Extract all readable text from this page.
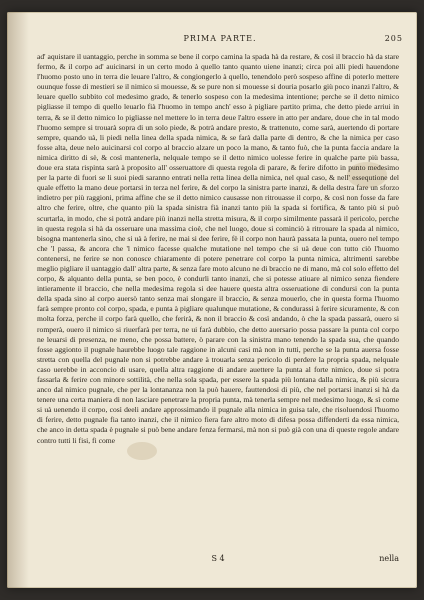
PRIMA PARTE.	205

ad' aquistare il uantaggio, perche in somma se bene il corpo camina la spada hà da restare, & così il braccio hà da stare fermo, & il corpo ad' auicinarsi in un certo modo à quello tanto quanto uiene inanzi; circa poi alli piedi hauendone l'huomo posto uno in terra die leuare l'altro, & congiongerlo à quello, tenendolo però sospeso affine di poterlo mettere ouunque fosse di mestieri se il nimico si mouesse, & se pure non si mouesse si douria posarlo giù poco inanzi l'altro, & leuare quello subbito col medesimo grado, & tenerlo sospeso con la medesima intentione; perche se il detto nimico pigliasse il tempo di quello leuarlo fià l'huomo in tempo anch' esso à pigliare partito prima, che detto piede arriui in terra, & se il detto nimico lo pigliasse nel mettere lo in terra deue l'altro essere in atto per andare, doue che in tal modo l'huomo sempre si trouarà sopra di un solo piede, & potrà andare presto, & trattenuto, come sarà, auertendo di portare sempre, quando uà, li piedi nella linea della spada nimica, & se farà dalla parte di dentro, & che la nimica per caso fosse alta, deue nelo auicinarsi col corpo al braccio alzare un poco la mano, & tanto fuò, che la punta faccia andare la nimica diritto di sè, & così mantenerla, nelquale tempo se il detto nimico uolesse ferire in qualche parte più bassa, doue era stata rispinta sarà à proposito all' osseruattore di questa regola di parare, & ferire difotto in punto medesimo per la parte di fuori se li suoi piedi saranno entrati nella retta linea della nimica, nel qual caso, & nell' essequtione del quale effetto la mano deue portarsi in terza nel ferire, & del corpo la sinistra parte inanzi, & della destra fare un sforzo indietro per più raggioni, prima affine che se il detto nimico causasse non ritrouasse il corpo, & così non fosse da fare altro che ferire, oltre, che quanto più la spada sinistra fià inanzi tanto più la spada si fortifica, & tanto più si può scurtarla, in modo, che si potrà andare più inanzi nella stretta misura, & il corpo similmente passarà il pericolo, perche in questa regola si hà da osseruare una massima cioè, che nel luogo, doue si cominciò à ritrouare la spada al nimico, bisogna mantenerla sino, che si uà à ferire, ne mai si dee ferire, fè il corpo non haurà passata la punta, ouero nel tempo che 'l passa, & ancora che 'l nimico facesse qualche mutatione nel tempo che si uà deue con tutto ciò l'huomo contenersi, ne ferire se non conosce chiaramente di potere penetrare col corpo la punta nimica, altrimenti sarebbe meglio pigliare il uantaggio dall' altra parte, & senza fare moto alcuno ne di braccio ne di mano, mà col solo effetto del corpo, & alquanto della punta, se ben poco, è condurli tanto inanzi, che si potesse atiuare al nimico senza fiendere intieramente il braccio, che nella medesima regola si dee hauere questa altra osseruatione di condursi con la punta della spada sino al corpo auersò tanto senza mai slongare il braccio, & senza mouerlo, che in questa forma l'huomo farà sempre pronto col corpo, spada, e punta à pigliare qualunque mutatione, & condurassi à ferire sicuramente, & con molta forza, perche il corpo farà quello, che ferirà, & non il braccio & così andando, ò che la spada passarà, ouero si romperà, ouero il nimico si riuerfarà per terra, ne ui farà dubbio, che detto auersario possa passare la punta col corpo ne leuarsi di presenza, ne meno, che possa battere, ò parare con la sinistra mano tenendo la spada sua, che quando fosse aggionto il pugnale haurebbe luogo tale raggione in alcuni casi mà non in tutti, perche se la punta auersa fosse stretta con quella del pugnale non si potrebbe andare à trouarla senza pericolo di perdere la propria spada, nelquale caso uerebbe in acconcio di usare, quella altra raggione di andare auettere la punta al forte nimico, doue si potra fassarla & ferire con minore sottilità, che nella sola spada, per essere la spada più lontana dalla nimica, & più sicura anco dal nimico pugnale, che per la lontananza non la può hauere, fauttendosi di più, che nel portarsi inanzi si hà da tenere una certa maniera di non lasciare penetrare la propria punta, mà tenerla sempre nel medesimo luogo, & sì come si uà uenendo il corpo, così deeli andare approssimando il pugnale alla nimica in guisa tale, che risoluendosi l'huomo di ferire, detto pugnale fia tanto inanzi, che il nimico fiera fare altro moto di difesa possa diffenderti da essa nimica, che anco in detta spada è pugnale si può bene andare fenza fermarsi, mà non si può già con una di queste regole andare contro tutti li fisi, fi come

S 4	nella
